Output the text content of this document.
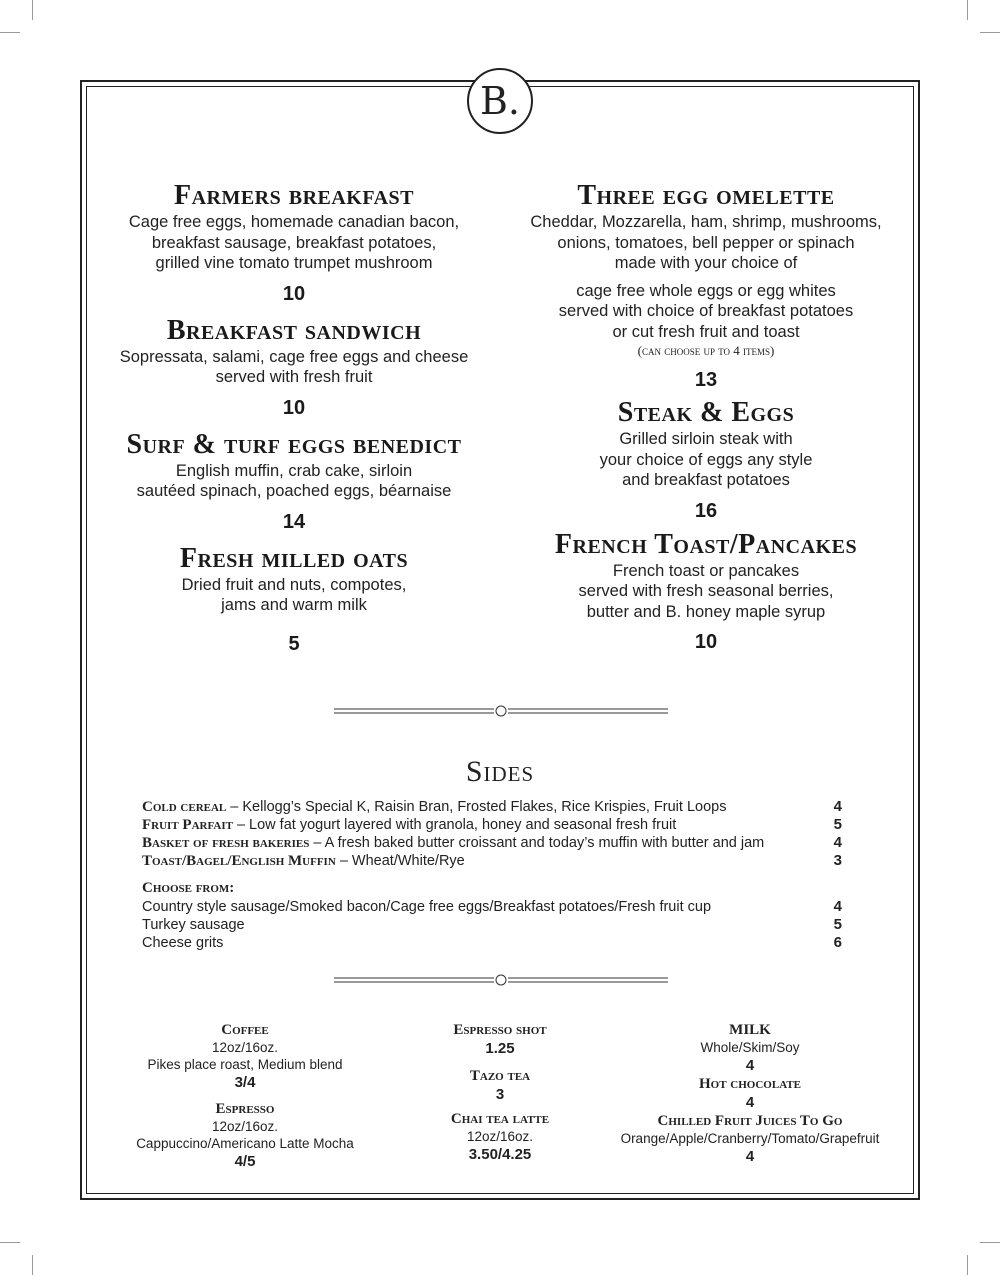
B.
Farmers breakfast
Cage free eggs, homemade canadian bacon,
breakfast sausage, breakfast potatoes,
grilled vine tomato trumpet mushroom
10
Breakfast sandwich
Sopressata, salami, cage free eggs and cheese
served with fresh fruit
10
Surf & turf eggs benedict
English muffin, crab cake, sirloin
sautéed spinach, poached eggs, béarnaise
14
Fresh milled oats
Dried fruit and nuts, compotes,
jams and warm milk
5
Three egg omelette
Cheddar, Mozzarella, ham, shrimp, mushrooms,
onions, tomatoes, bell pepper or spinach
made with your choice of
cage free whole eggs or egg whites
served with choice of breakfast potatoes
or cut fresh fruit and toast
(can choose up to 4 items)
13
Steak & Eggs
Grilled sirloin steak with
your choice of eggs any style
and breakfast potatoes
16
French Toast/Pancakes
French toast or pancakes
served with fresh seasonal berries,
butter and B. honey maple syrup
10
Sides
Cold cereal – Kellogg’s Special K, Raisin Bran, Frosted Flakes, Rice Krispies, Fruit Loops	4
Fruit Parfait – Low fat yogurt layered with granola, honey and seasonal fresh fruit	5
Basket of fresh bakeries – A fresh baked butter croissant and today’s muffin with butter and jam	4
Toast/Bagel/English Muffin – Wheat/White/Rye	3
Choose from:
Country style sausage/Smoked bacon/Cage free eggs/Breakfast potatoes/Fresh fruit cup	4
Turkey sausage	5
Cheese grits	6
Coffee
12oz/16oz.
Pikes place roast, Medium blend
3/4
Espresso
12oz/16oz.
Cappuccino/Americano Latte Mocha
4/5
Espresso shot
1.25
Tazo tea
3
Chai tea latte
12oz/16oz.
3.50/4.25
MILK
Whole/Skim/Soy
4
Hot chocolate
4
Chilled Fruit Juices To Go
Orange/Apple/Cranberry/Tomato/Grapefruit
4
